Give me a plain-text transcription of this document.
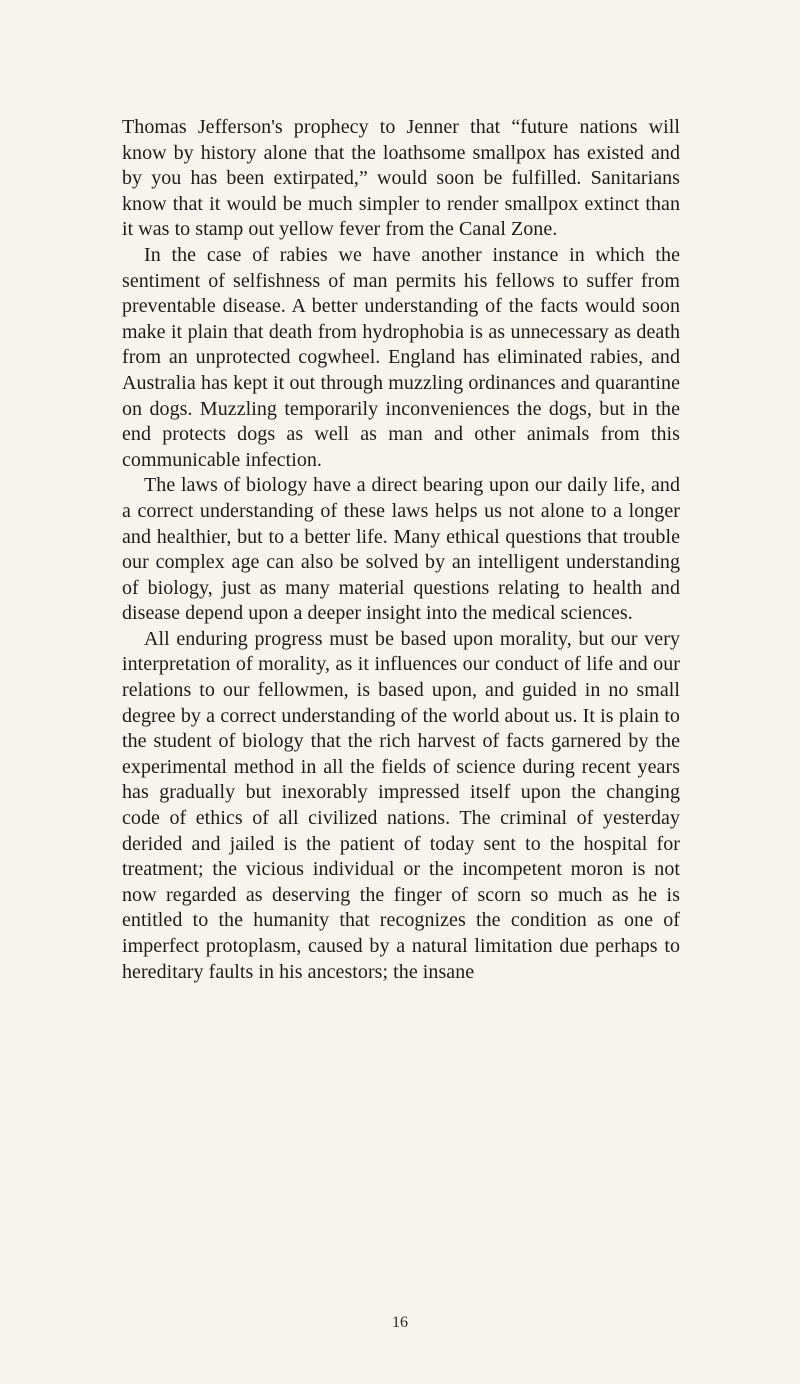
Thomas Jefferson's prophecy to Jenner that “future nations will know by history alone that the loathsome smallpox has existed and by you has been extirpated,” would soon be fulfilled. Sanitarians know that it would be much simpler to render smallpox extinct than it was to stamp out yellow fever from the Canal Zone.

In the case of rabies we have another instance in which the sentiment of selfishness of man permits his fellows to suffer from preventable disease. A better understanding of the facts would soon make it plain that death from hydrophobia is as unnecessary as death from an unprotected cogwheel. England has eliminated rabies, and Australia has kept it out through muzzling ordinances and quarantine on dogs. Muzzling temporarily inconveniences the dogs, but in the end protects dogs as well as man and other animals from this communicable infection.

The laws of biology have a direct bearing upon our daily life, and a correct understanding of these laws helps us not alone to a longer and healthier, but to a better life. Many ethical questions that trouble our complex age can also be solved by an intelligent understanding of biology, just as many material questions relating to health and disease depend upon a deeper insight into the medical sciences.

All enduring progress must be based upon morality, but our very interpretation of morality, as it influences our conduct of life and our relations to our fellowmen, is based upon, and guided in no small degree by a correct understanding of the world about us. It is plain to the student of biology that the rich harvest of facts garnered by the experimental method in all the fields of science during recent years has gradually but inexorably impressed itself upon the changing code of ethics of all civilized nations. The criminal of yesterday derided and jailed is the patient of today sent to the hospital for treatment; the vicious individual or the incompetent moron is not now regarded as deserving the finger of scorn so much as he is entitled to the humanity that recognizes the condition as one of imperfect protoplasm, caused by a natural limitation due perhaps to hereditary faults in his ancestors; the insane

16
